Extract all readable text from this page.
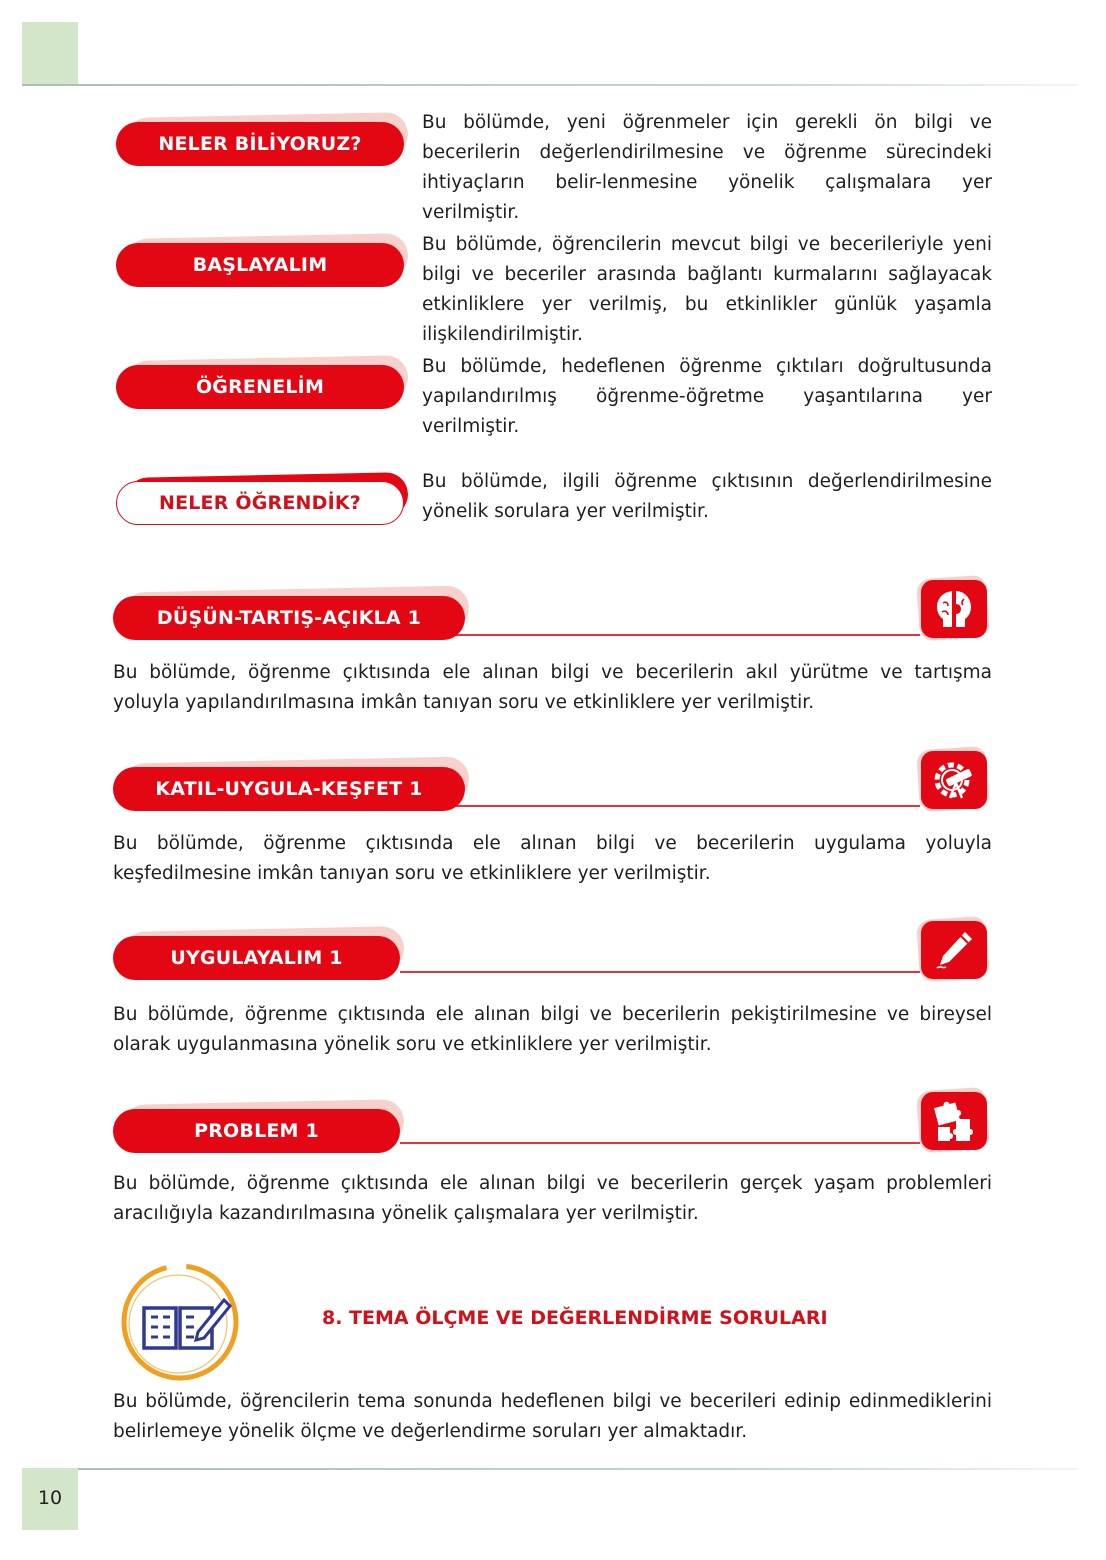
10
NELER BİLİYORUZ?
Bu bölümde, yeni öğrenmeler için gerekli ön bilgi ve becerilerin değerlendirilmesine ve öğrenme sürecindeki ihtiyaçların belir-lenmesine yönelik çalışmalara yer verilmiştir.
BAŞLAYALIM
Bu bölümde, öğrencilerin mevcut bilgi ve becerileriyle yeni bilgi ve beceriler arasında bağlantı kurmalarını sağlayacak etkinliklere yer verilmiş, bu etkinlikler günlük yaşamla ilişkilendirilmiştir.
ÖĞRENELİM
Bu bölümde, hedeflenen öğrenme çıktıları doğrultusunda yapılandırılmış öğrenme-öğretme yaşantılarına yer verilmiştir.
NELER ÖĞRENDİK?
Bu bölümde, ilgili öğrenme çıktısının değerlendirilmesine yönelik sorulara yer verilmiştir.
DÜŞÜN-TARTIŞ-AÇIKLA 1
Bu bölümde, öğrenme çıktısında ele alınan bilgi ve becerilerin akıl yürütme ve tartışma yoluyla yapılandırılmasına imkân tanıyan soru ve etkinliklere yer verilmiştir.
KATIL-UYGULA-KEŞFET 1
Bu bölümde, öğrenme çıktısında ele alınan bilgi ve becerilerin uygulama yoluyla keşfedilmesine imkân tanıyan soru ve etkinliklere yer verilmiştir.
UYGULAYALIM 1
Bu bölümde, öğrenme çıktısında ele alınan bilgi ve becerilerin pekiştirilmesine ve bireysel olarak uygulanmasına yönelik soru ve etkinliklere yer verilmiştir.
PROBLEM 1
Bu bölümde, öğrenme çıktısında ele alınan bilgi ve becerilerin gerçek yaşam problemleri aracılığıyla kazandırılmasına yönelik çalışmalara yer verilmiştir.
8. TEMA ÖLÇME VE DEĞERLENDİRME SORULARI
Bu bölümde, öğrencilerin tema sonunda hedeflenen bilgi ve becerileri edinip edinmediklerini belirlemeye yönelik ölçme ve değerlendirme soruları yer almaktadır.
